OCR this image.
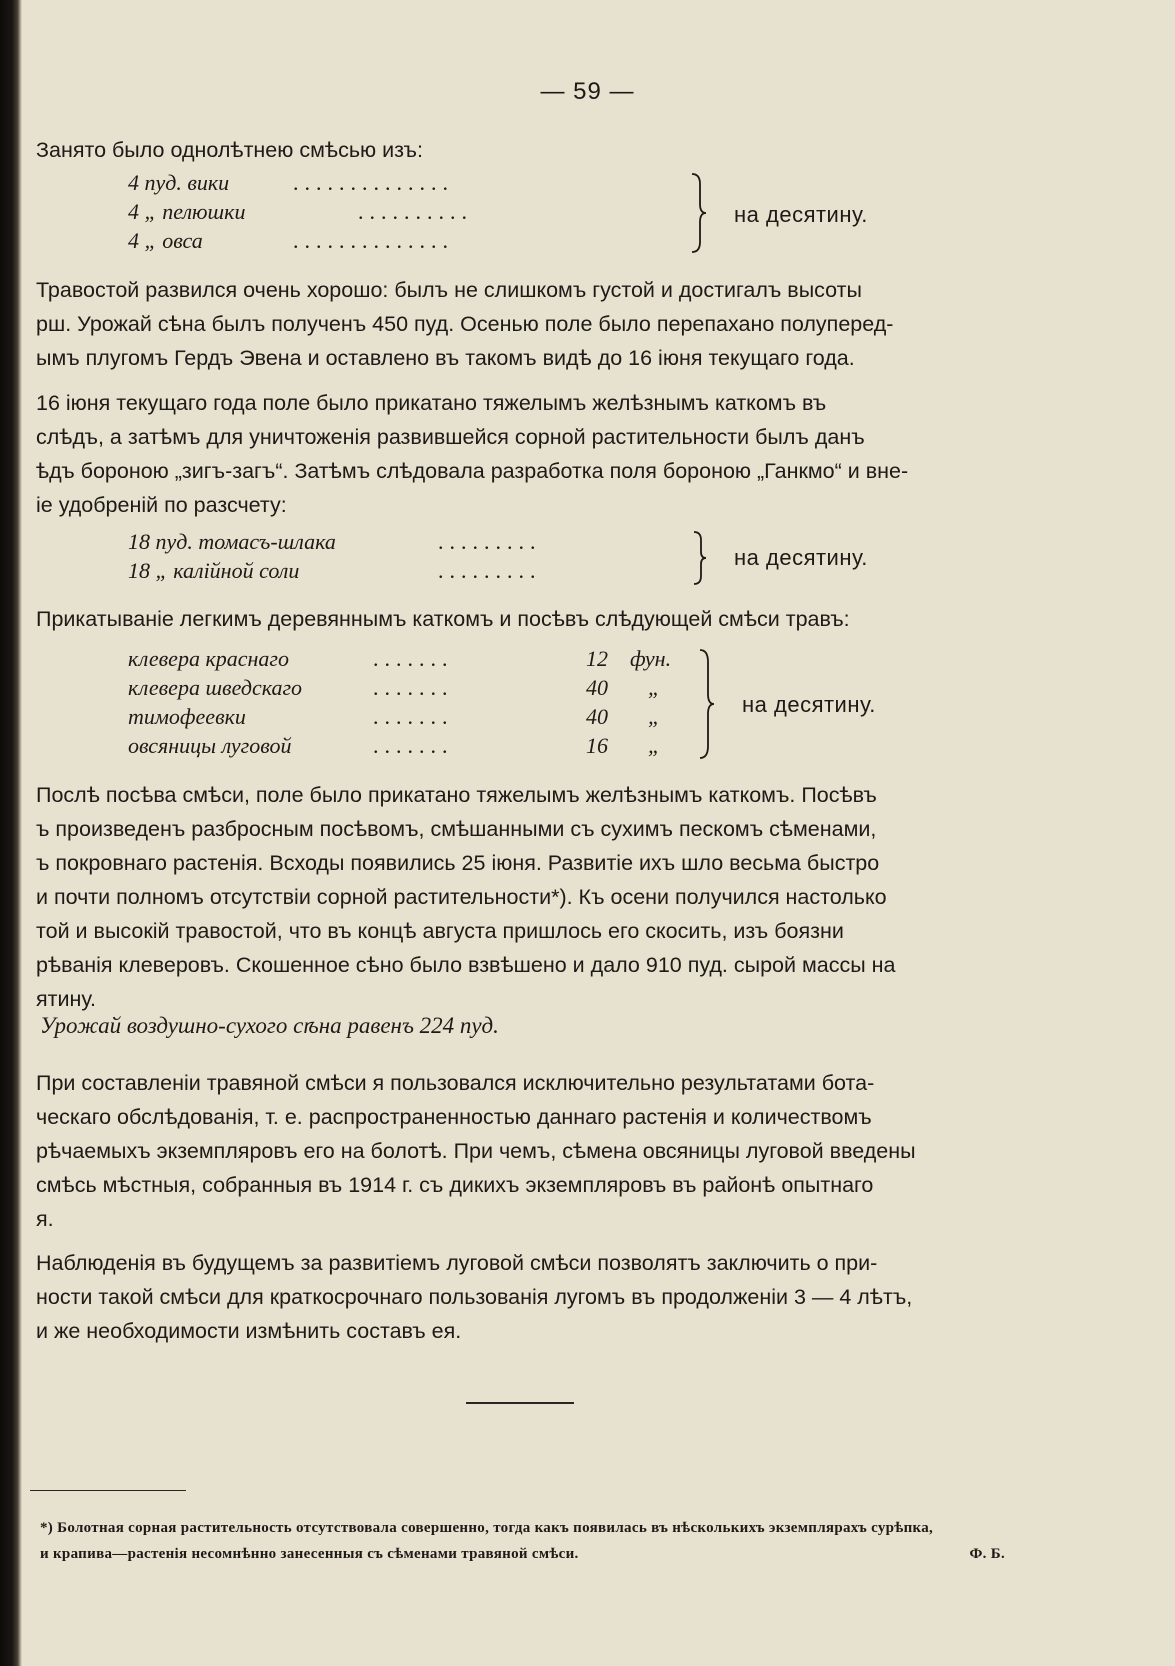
— 59 —
Занято было однолѣтнею смѣсью изъ:
4 пуд. вики	..............
4 „ пелюшки	..........
4 „ овса	..............
на десятину.
Травостой развился очень хорошо: былъ не слишкомъ густой и достигалъ высоты
рш. Урожай сѣна былъ полученъ 450 пуд. Осенью поле было перепахано полуперед-
ымъ плугомъ Гердъ Эвена и оставлено въ такомъ видѣ до 16 iюня текущаго года.
16 iюня текущаго года поле было прикатано тяжелымъ желѣзнымъ каткомъ въ
слѣдъ, а затѣмъ для уничтоженія развившейся сорной растительности былъ данъ
ѣдъ бороною „зигъ-загъ“. Затѣмъ слѣдовала разработка поля бороною „Ганкмо“ и вне-
ie удобреній по разсчету:
18 пуд. томасъ-шлака	.........
18 „ калійной соли	.........
на десятину.
Прикатываніе легкимъ деревяннымъ каткомъ и посѣвъ слѣдующей смѣси травъ:
клевера краснаго	.......	12 фун.
клевера шведскаго	.......	40 „
тимофеевки	.......	40 „
овсяницы луговой	.......	16 „
на десятину.
Послѣ посѣва смѣси, поле было прикатано тяжелымъ желѣзнымъ каткомъ. Посѣвъ
ъ произведенъ разбросным посѣвомъ, смѣшанными съ сухимъ пескомъ сѣменами,
ъ покровнаго растенія. Всходы появились 25 iюня. Развитіе ихъ шло весьма быстро
и почти полномъ отсутствіи сорной растительности*). Къ осени получился настолько
той и высокій травостой, что въ концѣ августа пришлось его скосить, изъ боязни
рѣванія клеверовъ. Скошенное сѣно было взвѣшено и дало 910 пуд. сырой массы на
ятину.
Урожай воздушно-сухого сѣна равенъ 224 пуд.
При составленіи травяной смѣси я пользовался исключительно результатами бота-
ческаго обслѣдованія, т. е. распространенностью даннаго растенія и количествомъ
рѣчаемыхъ экземпляровъ его на болотѣ. При чемъ, сѣмена овсяницы луговой введены
смѣсь мѣстныя, собранныя въ 1914 г. съ дикихъ экземпляровъ въ районѣ опытнаго
я.
Наблюденія въ будущемъ за развитіемъ луговой смѣси позволятъ заключить о при-
ности такой смѣси для краткосрочнаго пользованія лугомъ въ продолженіи 3 — 4 лѣтъ,
и же необходимости измѣнить составъ ея.
*) Болотная сорная растительность отсутствовала совершенно, тогда какъ появилась въ нѣсколькихъ экземплярахъ сурѣпка,
и крапива—растенія несомнѣнно занесенныя съ сѣменами травяной смѣси.	Ф. Б.
